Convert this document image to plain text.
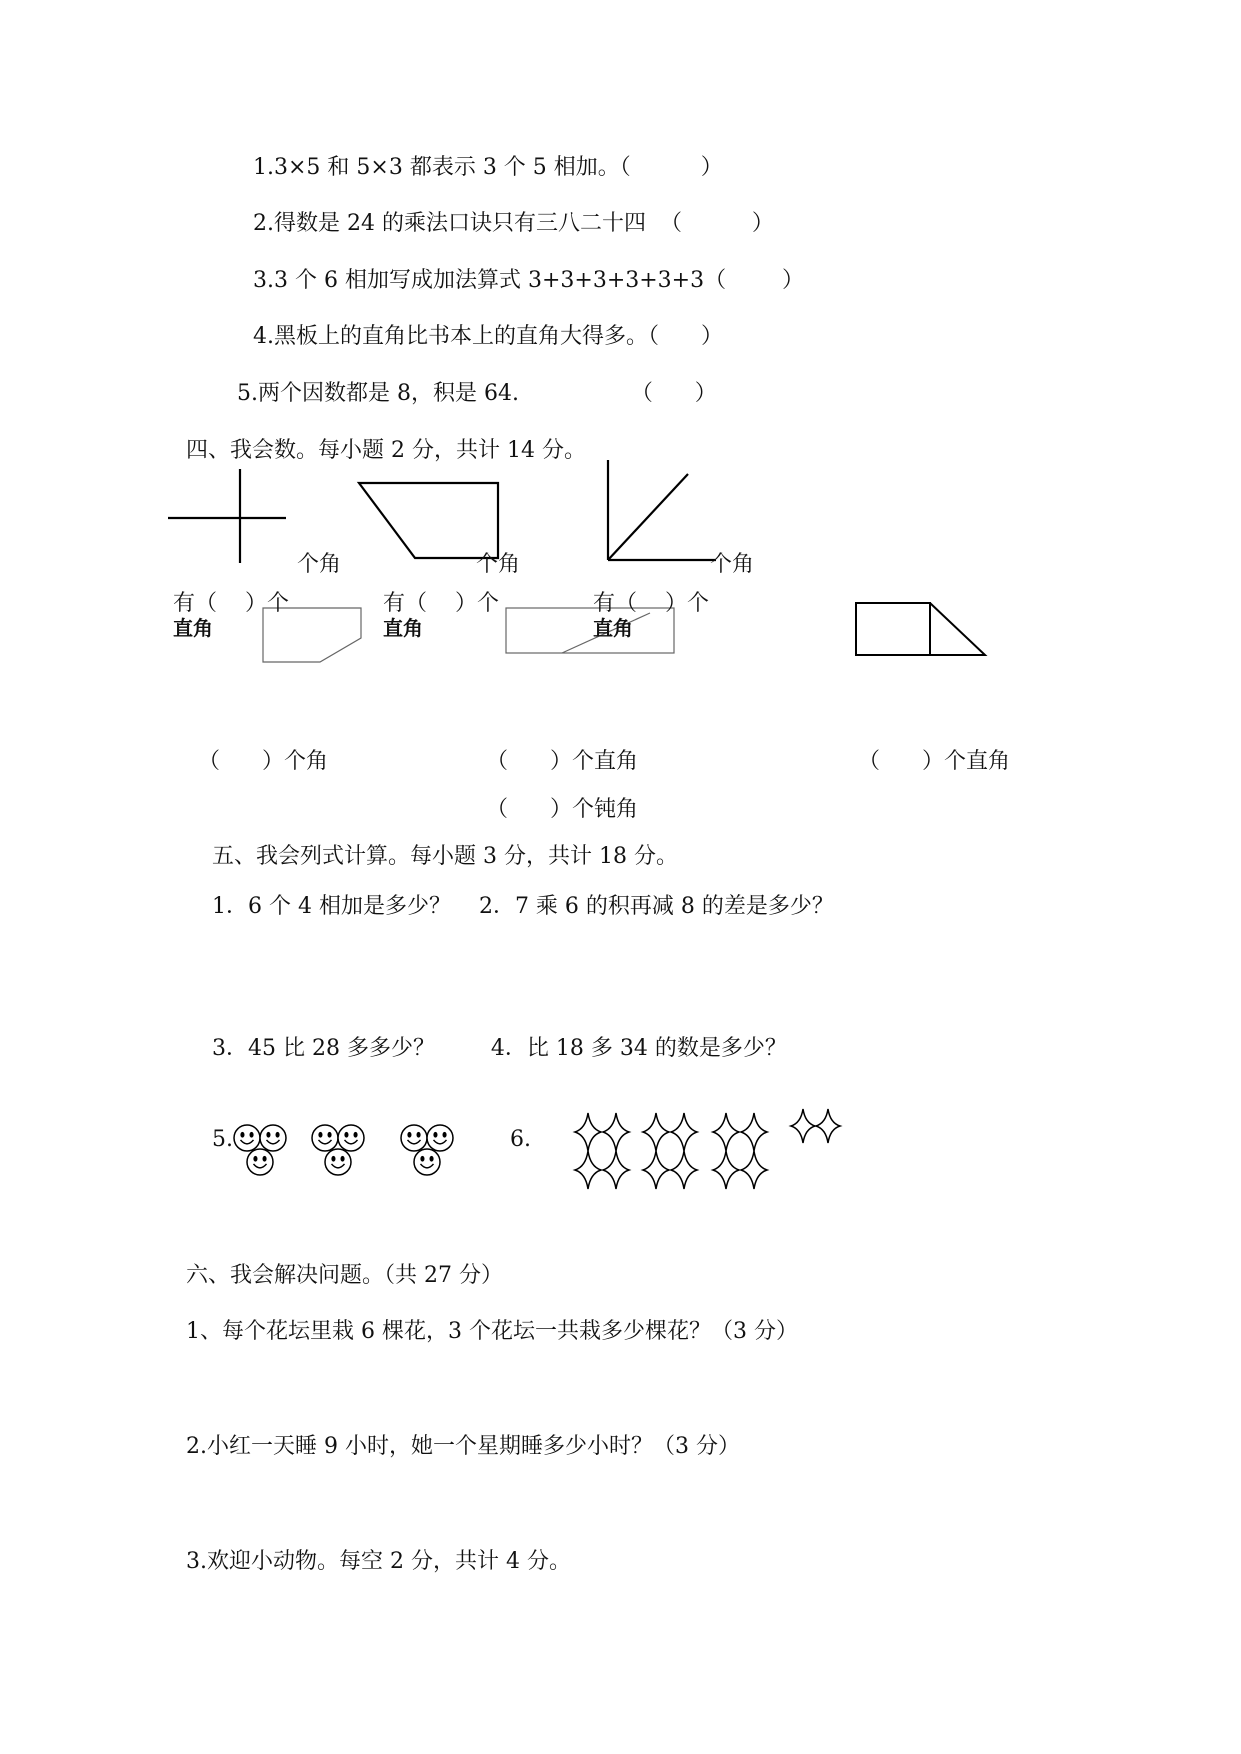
1.3×5 和 5×3 都表示 3 个 5 相加。（          ）
2.得数是 24 的乘法口诀只有三八二十四  （          ）
3.3 个 6 相加写成加法算式 3+3+3+3+3+3（        ）
4.黑板上的直角比书本上的直角大得多。（      ）
5.两个因数都是 8，积是 64.                （      ）
四、我会数。每小题 2 分，共计 14 分。
个角	个角	个角
有（    ）个	有（    ）个	有（    ）个
直角	直角	直角
（      ）个角	（      ）个直角	（      ）个直角
（      ）个钝角
五、我会列式计算。每小题 3 分，共计 18 分。
1．6 个 4 相加是多少？    2．7 乘 6 的积再减 8 的差是多少？
3．45 比 28 多多少？        4．比 18 多 34 的数是多少？
5.	6.
六、我会解决问题。（共 27 分）
1、每个花坛里栽 6 棵花，3 个花坛一共栽多少棵花？（3 分）
2.小红一天睡 9 小时，她一个星期睡多少小时？（3 分）
3.欢迎小动物。每空 2 分，共计 4 分。
